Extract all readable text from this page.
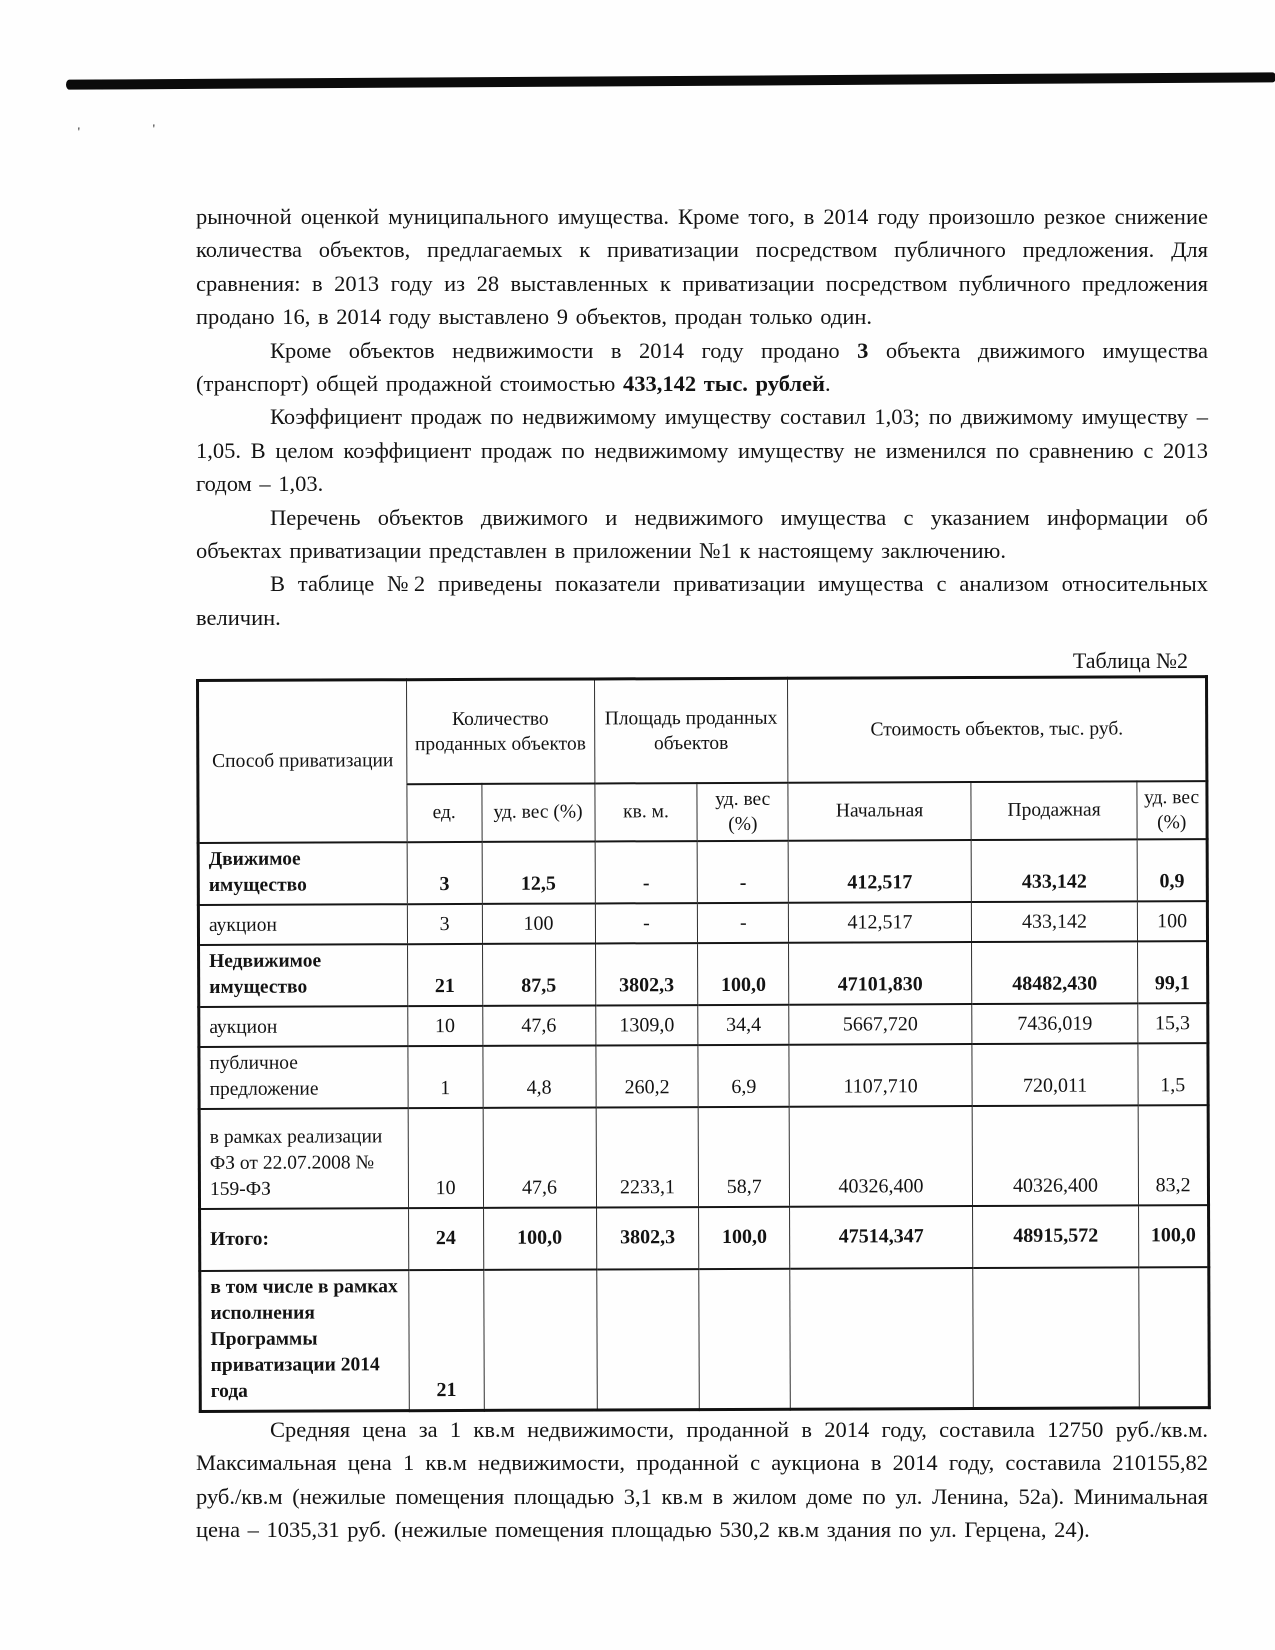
'	'

рыночной оценкой муниципального имущества. Кроме того, в 2014 году произошло резкое снижение количества объектов, предлагаемых к приватизации посредством публичного предложения. Для сравнения: в 2013 году из 28 выставленных к приватизации посредством публичного предложения продано 16, в 2014 году выставлено 9 объектов, продан только один.

Кроме объектов недвижимости в 2014 году продано 3 объекта движимого имущества (транспорт) общей продажной стоимостью 433,142 тыс. рублей.

Коэффициент продаж по недвижимому имуществу составил 1,03; по движимому имуществу – 1,05. В целом коэффициент продаж по недвижимому имуществу не изменился по сравнению с 2013 годом – 1,03.

Перечень объектов движимого и недвижимого имущества с указанием информации об объектах приватизации представлен в приложении №1 к настоящему заключению.

В таблице №2 приведены показатели приватизации имущества с анализом относительных величин.

Таблица №2
Способ приватизации	Количество проданных объектов		Площадь проданных объектов		Стоимость объектов, тыс. руб.		
	ед.	уд. вес (%)	кв. м.	уд. вес (%)	Начальная	Продажная	уд. вес (%)
Движимое имущество	3	12,5	-	-	412,517	433,142	0,9
аукцион	3	100	-	-	412,517	433,142	100
Недвижимое имущество	21	87,5	3802,3	100,0	47101,830	48482,430	99,1
аукцион	10	47,6	1309,0	34,4	5667,720	7436,019	15,3
публичное предложение	1	4,8	260,2	6,9	1107,710	720,011	1,5
в рамках реализации ФЗ от 22.07.2008 № 159-ФЗ	10	47,6	2233,1	58,7	40326,400	40326,400	83,2
Итого:	24	100,0	3802,3	100,0	47514,347	48915,572	100,0
в том числе в рамках исполнения Программы приватизации 2014 года	21						

Средняя цена за 1 кв.м недвижимости, проданной в 2014 году, составила 12750 руб./кв.м. Максимальная цена 1 кв.м недвижимости, проданной с аукциона в 2014 году, составила 210155,82 руб./кв.м (нежилые помещения площадью 3,1 кв.м в жилом доме по ул. Ленина, 52а). Минимальная цена – 1035,31 руб. (нежилые помещения площадью 530,2 кв.м здания по ул. Герцена, 24).
